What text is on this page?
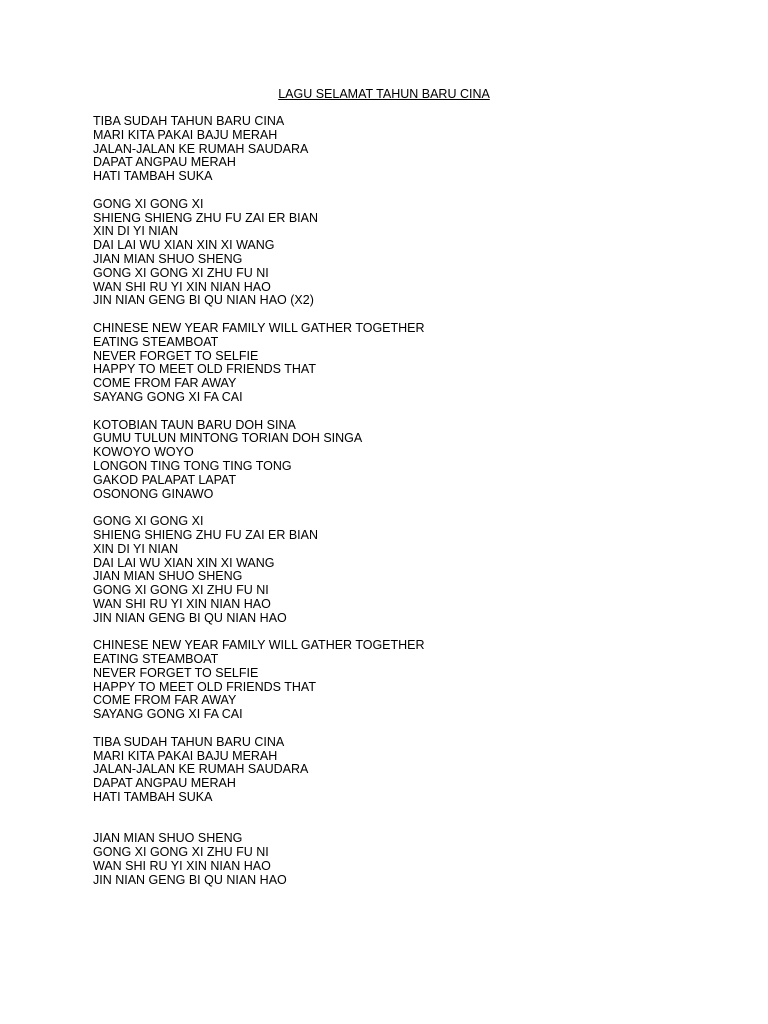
LAGU SELAMAT TAHUN BARU CINA
TIBA SUDAH TAHUN BARU CINA
MARI KITA PAKAI BAJU MERAH
JALAN-JALAN KE RUMAH SAUDARA
DAPAT ANGPAU MERAH
HATI TAMBAH SUKA
GONG XI GONG XI
SHIENG SHIENG ZHU FU ZAI ER BIAN
XIN DI YI NIAN
DAI LAI WU XIAN XIN XI WANG
JIAN MIAN SHUO SHENG
GONG XI GONG XI ZHU FU NI
WAN SHI RU YI XIN NIAN HAO
JIN NIAN GENG BI QU NIAN HAO (X2)
CHINESE NEW YEAR FAMILY WILL GATHER TOGETHER
EATING STEAMBOAT
NEVER FORGET TO SELFIE
HAPPY TO MEET OLD FRIENDS THAT
COME FROM FAR AWAY
SAYANG GONG XI FA CAI
KOTOBIAN TAUN BARU DOH SINA
GUMU TULUN MINTONG TORIAN DOH SINGA
KOWOYO WOYO
LONGON TING TONG TING TONG
GAKOD PALAPAT LAPAT
OSONONG GINAWO
GONG XI GONG XI
SHIENG SHIENG ZHU FU ZAI ER BIAN
XIN DI YI NIAN
DAI LAI WU XIAN XIN XI WANG
JIAN MIAN SHUO SHENG
GONG XI GONG XI ZHU FU NI
WAN SHI RU YI XIN NIAN HAO
JIN NIAN GENG BI QU NIAN HAO
CHINESE NEW YEAR FAMILY WILL GATHER TOGETHER
EATING STEAMBOAT
NEVER FORGET TO SELFIE
HAPPY TO MEET OLD FRIENDS THAT
COME FROM FAR AWAY
SAYANG GONG XI FA CAI
TIBA SUDAH TAHUN BARU CINA
MARI KITA PAKAI BAJU MERAH
JALAN-JALAN KE RUMAH SAUDARA
DAPAT ANGPAU MERAH
HATI TAMBAH SUKA
JIAN MIAN SHUO SHENG
GONG XI GONG XI ZHU FU NI
WAN SHI RU YI XIN NIAN HAO
JIN NIAN GENG BI QU NIAN HAO
